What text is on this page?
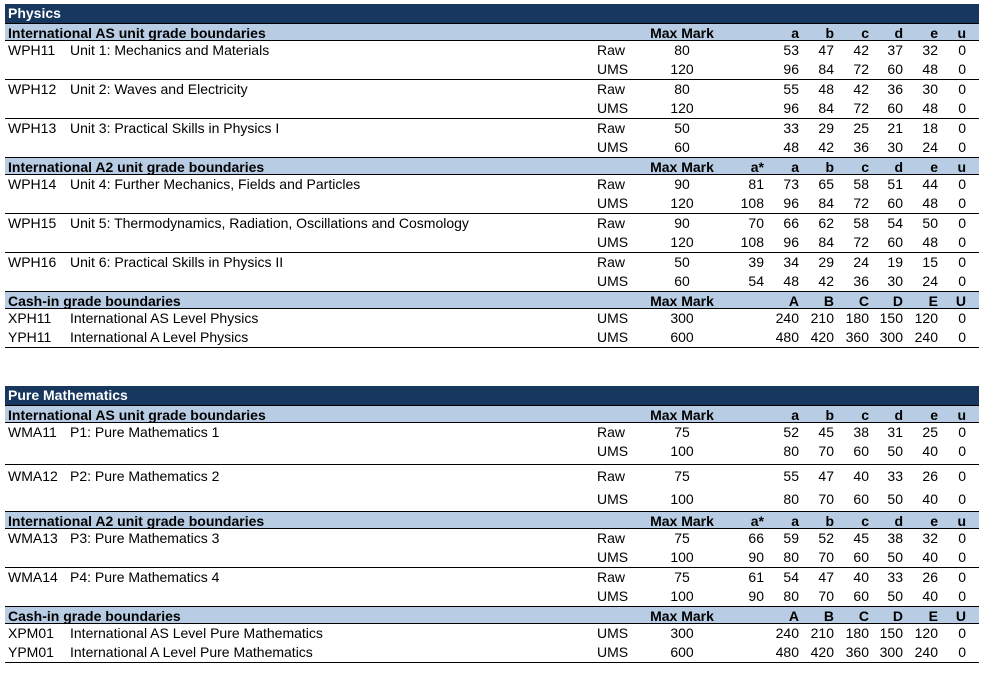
Physics
International AS unit grade boundaries	Max Mark	a	b	c	d	e	u
WPH11 Unit 1: Mechanics and Materials	Raw	80	53	47	42	37	32	0
UMS	120	96	84	72	60	48	0
WPH12 Unit 2: Waves and Electricity	Raw	80	55	48	42	36	30	0
UMS	120	96	84	72	60	48	0
WPH13 Unit 3: Practical Skills in Physics I	Raw	50	33	29	25	21	18	0
UMS	60	48	42	36	30	24	0
International A2 unit grade boundaries	Max Mark	a*	a	b	c	d	e	u
WPH14 Unit 4: Further Mechanics, Fields and Particles	Raw	90	81	73	65	58	51	44	0
UMS	120	108	96	84	72	60	48	0
WPH15 Unit 5: Thermodynamics, Radiation, Oscillations and Cosmology	Raw	90	70	66	62	58	54	50	0
UMS	120	108	96	84	72	60	48	0
WPH16 Unit 6: Practical Skills in Physics II	Raw	50	39	34	29	24	19	15	0
UMS	60	54	48	42	36	30	24	0
Cash-in grade boundaries	Max Mark	A	B	C	D	E	U
XPH11 International AS Level Physics	UMS	300	240 210 180 150 120	0
YPH11 International A Level Physics	UMS	600	480 420 360 300 240	0
Pure Mathematics
International AS unit grade boundaries	Max Mark	a	b	c	d	e	u
WMA11 P1: Pure Mathematics 1	Raw	75	52	45	38	31	25	0
UMS	100	80	70	60	50	40	0
WMA12 P2: Pure Mathematics 2	Raw	75	55	47	40	33	26	0
UMS	100	80	70	60	50	40	0
International A2 unit grade boundaries	Max Mark	a*	a	b	c	d	e	u
WMA13 P3: Pure Mathematics 3	Raw	75	66	59	52	45	38	32	0
UMS	100	90	80	70	60	50	40	0
WMA14 P4: Pure Mathematics 4	Raw	75	61	54	47	40	33	26	0
UMS	100	90	80	70	60	50	40	0
Cash-in grade boundaries	Max Mark	A	B	C	D	E	U
XPM01 International AS Level Pure Mathematics	UMS	300	240 210 180 150 120	0
YPM01 International A Level Pure Mathematics	UMS	600	480 420 360 300 240	0
